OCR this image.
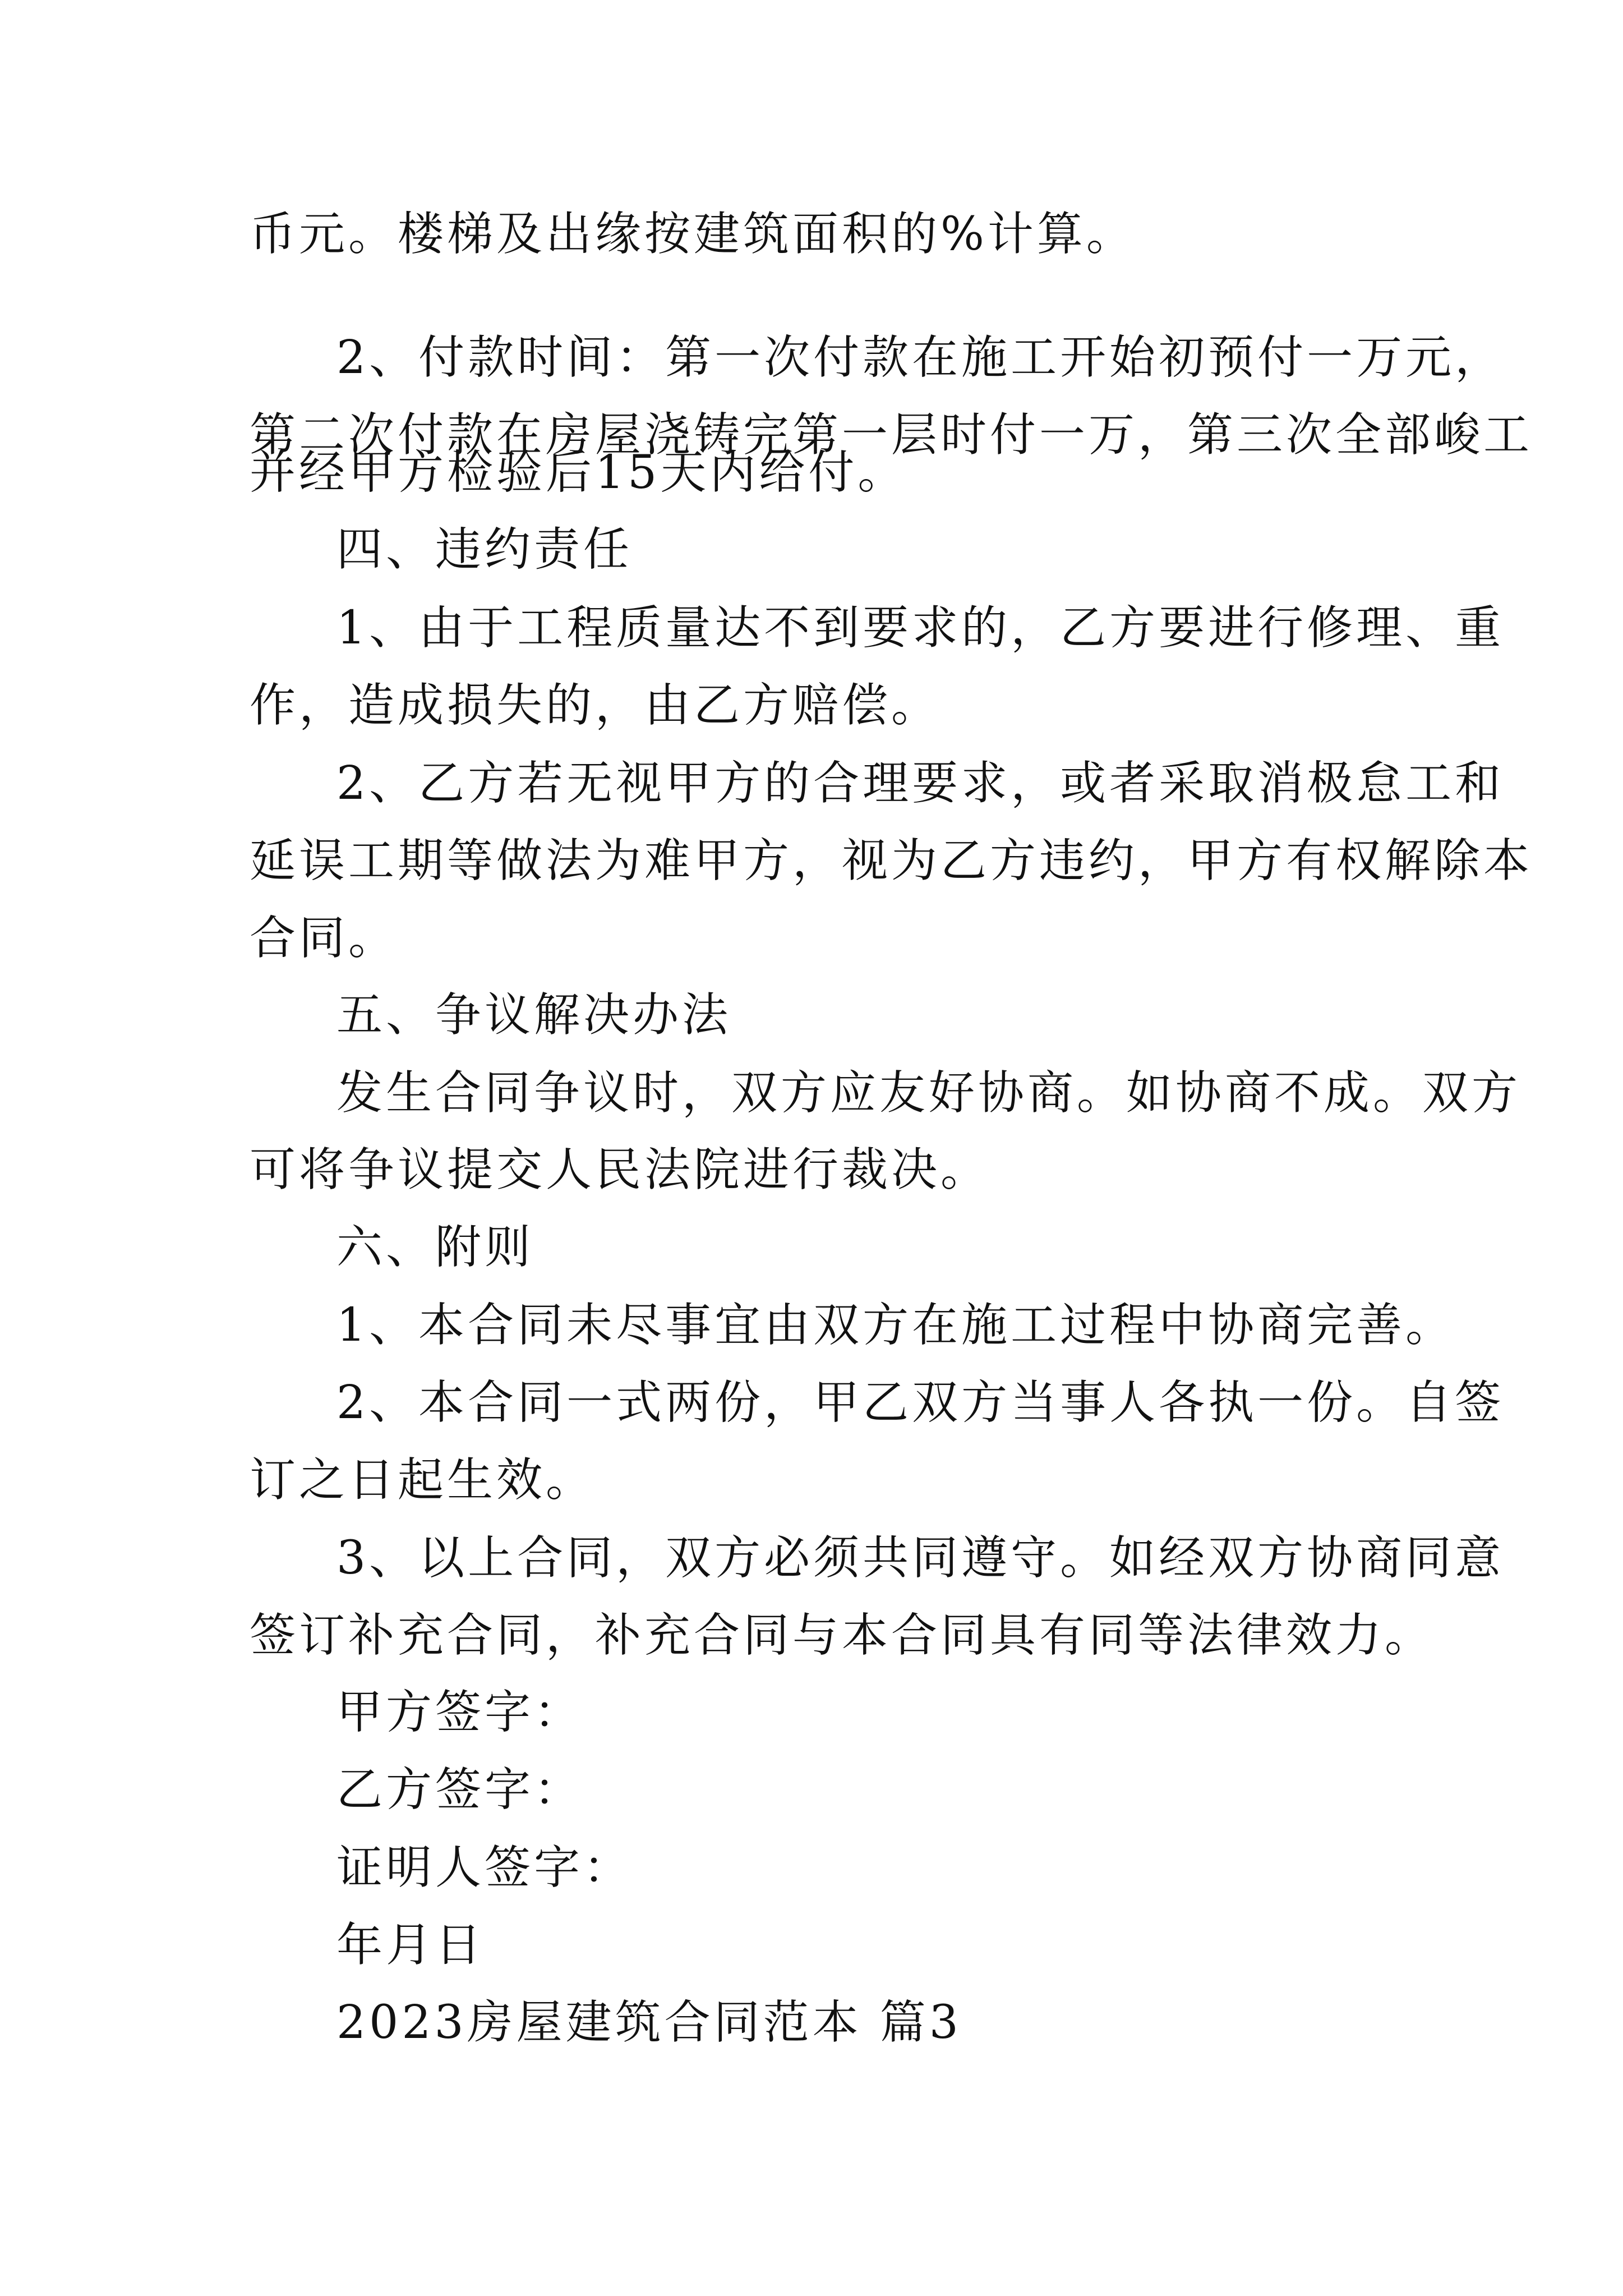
币元。楼梯及出缘按建筑面积的%计算。
2、付款时间：第一次付款在施工开始初预付一万元，
第二次付款在房屋浇铸完第一层时付一万，第三次全部峻工
并经甲方检验后15天内给付。
四、违约责任
1、由于工程质量达不到要求的，乙方要进行修理、重
作，造成损失的，由乙方赔偿。
2、乙方若无视甲方的合理要求，或者采取消极怠工和
延误工期等做法为难甲方，视为乙方违约，甲方有权解除本
合同。
五、争议解决办法
发生合同争议时，双方应友好协商。如协商不成。双方
可将争议提交人民法院进行裁决。
六、附则
1、本合同未尽事宜由双方在施工过程中协商完善。
2、本合同一式两份，甲乙双方当事人各执一份。自签
订之日起生效。
3、以上合同，双方必须共同遵守。如经双方协商同意
签订补充合同，补充合同与本合同具有同等法律效力。
甲方签字：
乙方签字：
证明人签字：
年月日
2023房屋建筑合同范本 篇3
